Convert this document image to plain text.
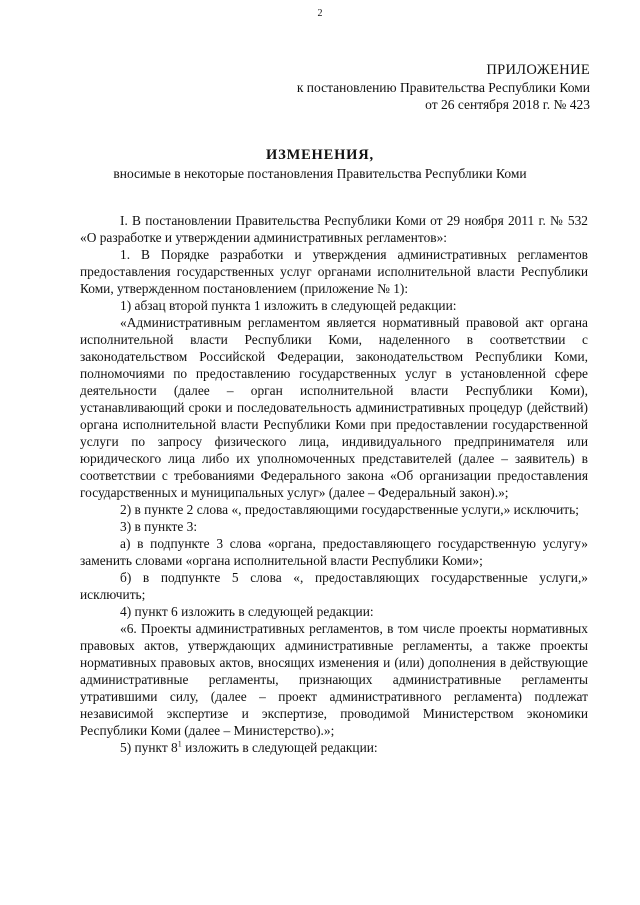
2
ПРИЛОЖЕНИЕ
к постановлению Правительства Республики Коми
от 26 сентября 2018 г. № 423
ИЗМЕНЕНИЯ,
вносимые в некоторые постановления Правительства Республики Коми

I. В постановлении Правительства Республики Коми от 29 ноября 2011 г. № 532 «О разработке и утверждении административных регламентов»:

1. В Порядке разработки и утверждения административных регламентов предоставления государственных услуг органами исполнительной власти Республики Коми, утвержденном постановлением (приложение № 1):

1) абзац второй пункта 1 изложить в следующей редакции:

«Административным регламентом является нормативный правовой акт органа исполнительной власти Республики Коми, наделенного в соответствии с законодательством Российской Федерации, законодательством Республики Коми, полномочиями по предоставлению государственных услуг в установленной сфере деятельности (далее – орган исполнительной власти Республики Коми), устанавливающий сроки и последовательность административных процедур (действий) органа исполнительной власти Республики Коми при предоставлении государственной услуги по запросу физического лица, индивидуального предпринимателя или юридического лица либо их уполномоченных представителей (далее – заявитель) в соответствии с требованиями Федерального закона «Об организации предоставления государственных и муниципальных услуг» (далее – Федеральный закон).»;

2) в пункте 2 слова «, предоставляющими государственные услуги,» исключить;

3) в пункте 3:

а) в подпункте 3 слова «органа, предоставляющего государственную услугу» заменить словами «органа исполнительной власти Республики Коми»;

б) в подпункте 5 слова «, предоставляющих государственные услуги,» исключить;

4) пункт 6 изложить в следующей редакции:

«6. Проекты административных регламентов, в том числе проекты нормативных правовых актов, утверждающих административные регламенты, а также проекты нормативных правовых актов, вносящих изменения и (или) дополнения в действующие административные регламенты, признающих административные регламенты утратившими силу, (далее – проект административного регламента) подлежат независимой экспертизе и экспертизе, проводимой Министерством экономики Республики Коми (далее – Министерство).»;

5) пункт $8^1$ изложить в следующей редакции:
